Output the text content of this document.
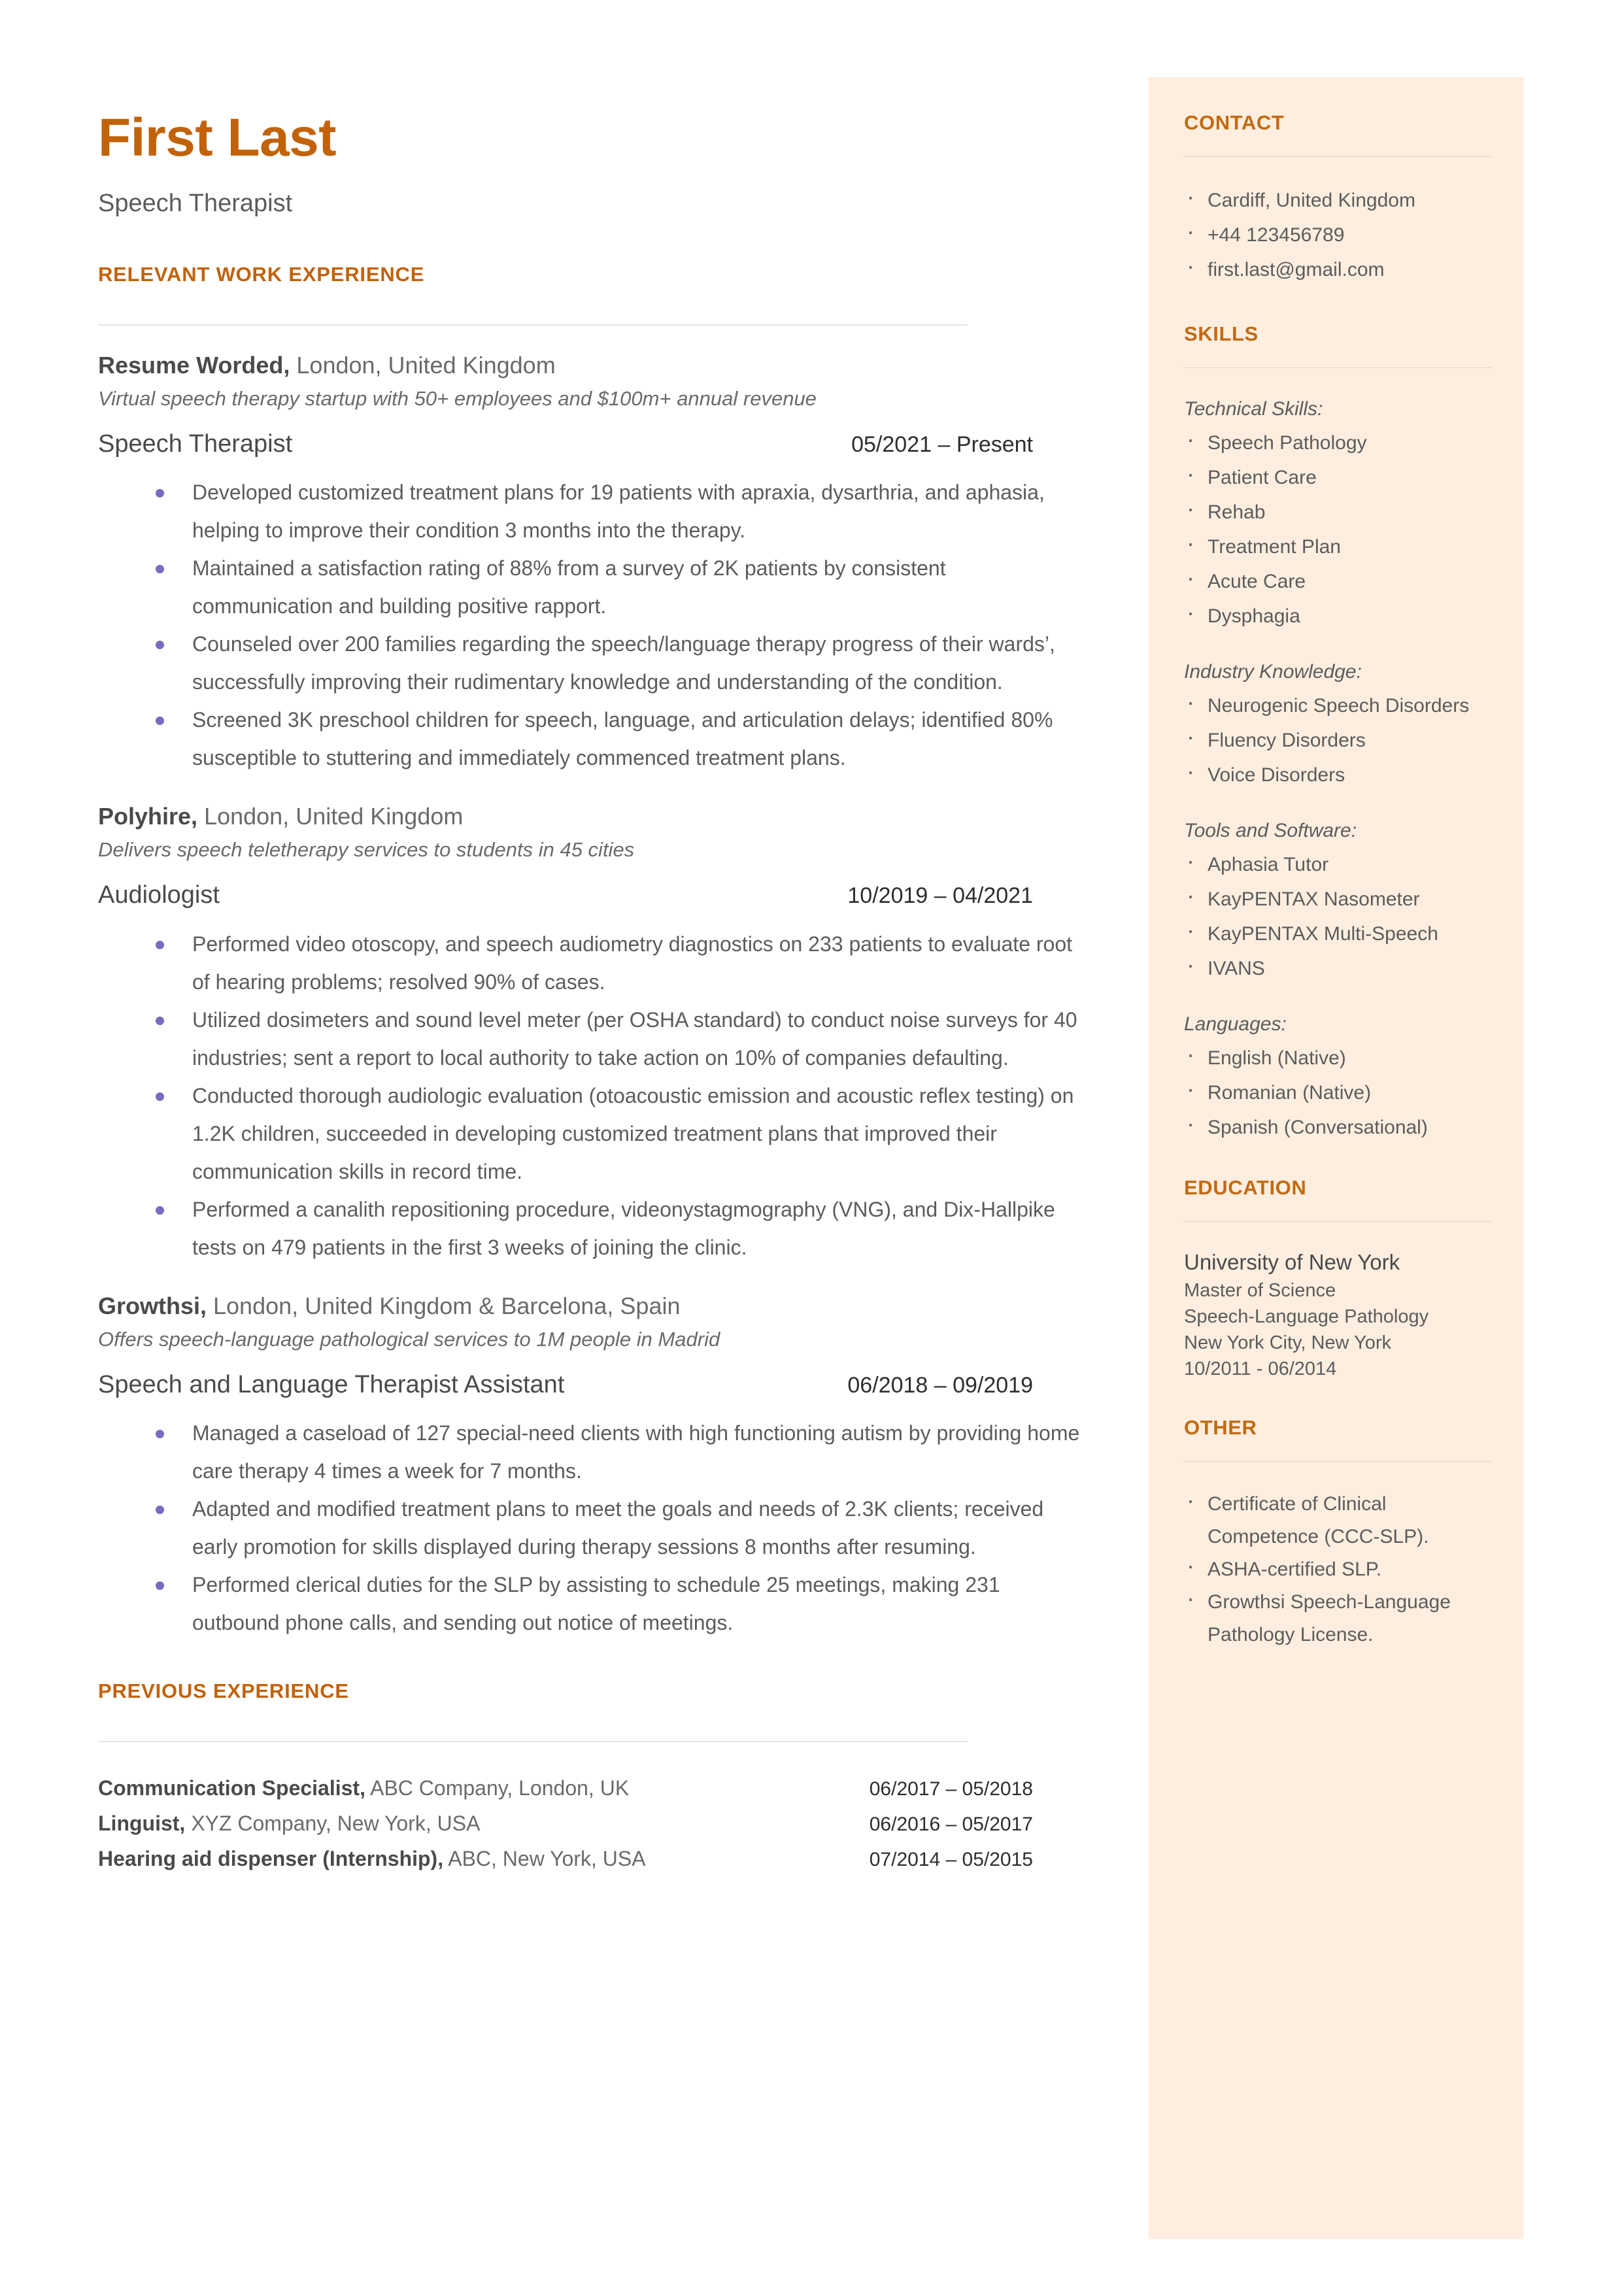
CONTACT
· Cardiff, United Kingdom
· +44 123456789
· first.last@gmail.com
SKILLS
Technical Skills:
· Speech Pathology
· Patient Care
· Rehab
· Treatment Plan
· Acute Care
· Dysphagia
Industry Knowledge:
· Neurogenic Speech Disorders
· Fluency Disorders
· Voice Disorders
Tools and Software:
· Aphasia Tutor
· KayPENTAX Nasometer
· KayPENTAX Multi-Speech
· IVANS
Languages:
· English (Native)
· Romanian (Native)
· Spanish (Conversational)
EDUCATION
University of New York
Master of Science
Speech-Language Pathology
New York City, New York
10/2011 - 06/2014
OTHER
· Certificate of Clinical Competence (CCC-SLP).
· ASHA-certified SLP.
· Growthsi Speech-Language Pathology License.
First Last
Speech Therapist
RELEVANT WORK EXPERIENCE
Resume Worded, London, United Kingdom
Virtual speech therapy startup with 50+ employees and $100m+ annual revenue
Speech Therapist	05/2021 – Present
Developed customized treatment plans for 19 patients with apraxia, dysarthria, and aphasia, helping to improve their condition 3 months into the therapy.
Maintained a satisfaction rating of 88% from a survey of 2K patients by consistent communication and building positive rapport.
Counseled over 200 families regarding the speech/language therapy progress of their wards’, successfully improving their rudimentary knowledge and understanding of the condition.
Screened 3K preschool children for speech, language, and articulation delays; identified 80% susceptible to stuttering and immediately commenced treatment plans.
Polyhire, London, United Kingdom
Delivers speech teletherapy services to students in 45 cities
Audiologist	10/2019 – 04/2021
Performed video otoscopy, and speech audiometry diagnostics on 233 patients to evaluate root of hearing problems; resolved 90% of cases.
Utilized dosimeters and sound level meter (per OSHA standard) to conduct noise surveys for 40 industries; sent a report to local authority to take action on 10% of companies defaulting.
Conducted thorough audiologic evaluation (otoacoustic emission and acoustic reflex testing) on 1.2K children, succeeded in developing customized treatment plans that improved their communication skills in record time.
Performed a canalith repositioning procedure, videonystagmography (VNG), and Dix-Hallpike tests on 479 patients in the first 3 weeks of joining the clinic.
Growthsi, London, United Kingdom & Barcelona, Spain
Offers speech-language pathological services to 1M people in Madrid
Speech and Language Therapist Assistant	06/2018 – 09/2019
Managed a caseload of 127 special-need clients with high functioning autism by providing home care therapy 4 times a week for 7 months.
Adapted and modified treatment plans to meet the goals and needs of 2.3K clients; received early promotion for skills displayed during therapy sessions 8 months after resuming.
Performed clerical duties for the SLP by assisting to schedule 25 meetings, making 231 outbound phone calls, and sending out notice of meetings.
PREVIOUS EXPERIENCE
Communication Specialist, ABC Company, London, UK	06/2017 – 05/2018
Linguist, XYZ Company, New York, USA	06/2016 – 05/2017
Hearing aid dispenser (Internship), ABC, New York, USA	07/2014 – 05/2015
